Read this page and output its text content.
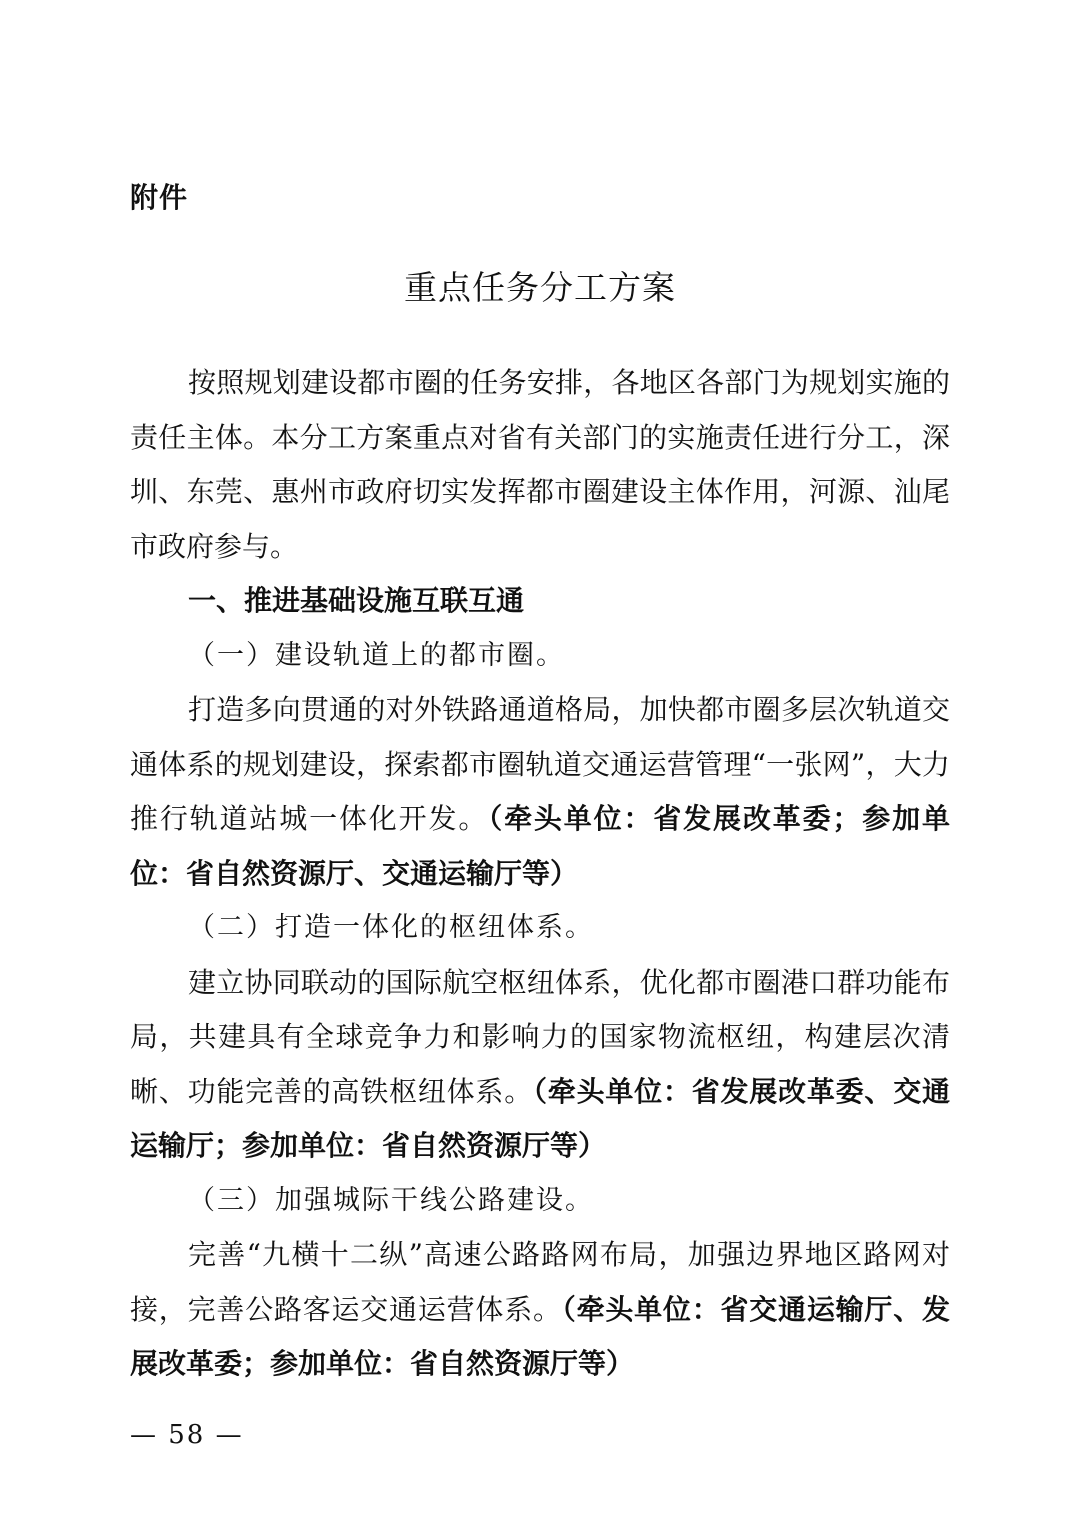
附件
重点任务分工方案

按照规划建设都市圈的任务安排，各地区各部门为规划实施的责任主体。本分工方案重点对省有关部门的实施责任进行分工，深圳、东莞、惠州市政府切实发挥都市圈建设主体作用，河源、汕尾市政府参与。

一、推进基础设施互联互通

（一）建设轨道上的都市圈。

打造多向贯通的对外铁路通道格局，加快都市圈多层次轨道交通体系的规划建设，探索都市圈轨道交通运营管理“一张网”，大力推行轨道站城一体化开发。（牵头单位：省发展改革委；参加单位：省自然资源厅、交通运输厅等）

（二）打造一体化的枢纽体系。

建立协同联动的国际航空枢纽体系，优化都市圈港口群功能布局，共建具有全球竞争力和影响力的国家物流枢纽，构建层次清晰、功能完善的高铁枢纽体系。（牵头单位：省发展改革委、交通运输厅；参加单位：省自然资源厅等）

（三）加强城际干线公路建设。

完善“九横十二纵”高速公路路网布局，加强边界地区路网对接，完善公路客运交通运营体系。（牵头单位：省交通运输厅、发展改革委；参加单位：省自然资源厅等）

— 58 —
